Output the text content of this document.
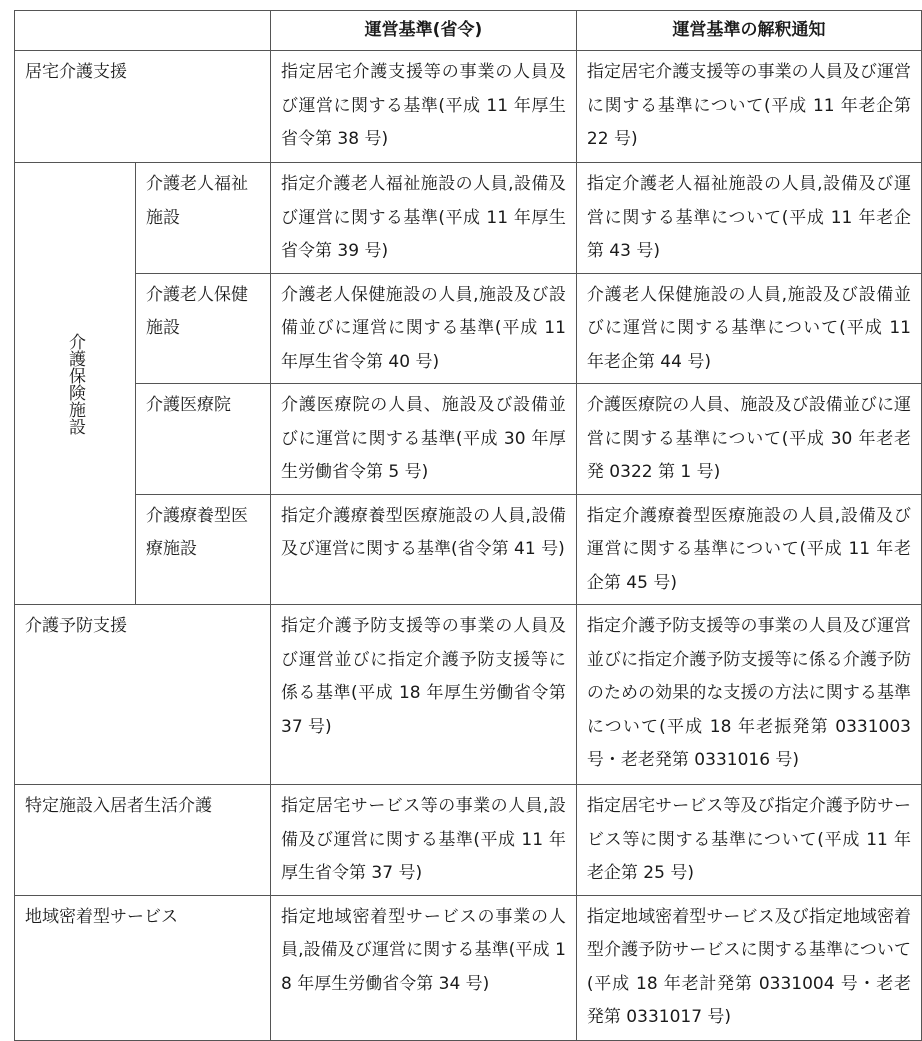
		運営基準(省令)	運営基準の解釈通知
居宅介護支援		指定居宅介護支援等の事業の人員及び運営に関する基準(平成 11 年厚生省令第 38 号)	指定居宅介護支援等の事業の人員及び運営に関する基準について(平成 11 年老企第 22 号)
介護保険施設	介護老人福祉施設	指定介護老人福祉施設の人員,設備及び運営に関する基準(平成 11 年厚生省令第 39 号)	指定介護老人福祉施設の人員,設備及び運営に関する基準について(平成 11 年老企第 43 号)
	介護老人保健施設	介護老人保健施設の人員,施設及び設備並びに運営に関する基準(平成 11 年厚生省令第 40 号)	介護老人保健施設の人員,施設及び設備並びに運営に関する基準について(平成 11 年老企第 44 号)
	介護医療院	介護医療院の人員、施設及び設備並びに運営に関する基準(平成 30 年厚生労働省令第 5 号)	介護医療院の人員、施設及び設備並びに運営に関する基準について(平成 30 年老老発 0322 第 1 号)
	介護療養型医療施設	指定介護療養型医療施設の人員,設備及び運営に関する基準(省令第 41 号)	指定介護療養型医療施設の人員,設備及び運営に関する基準について(平成 11 年老企第 45 号)
介護予防支援		指定介護予防支援等の事業の人員及び運営並びに指定介護予防支援等に係る基準(平成 18 年厚生労働省令第 37 号)	指定介護予防支援等の事業の人員及び運営並びに指定介護予防支援等に係る介護予防のための効果的な支援の方法に関する基準について(平成 18 年老振発第 0331003 号・老老発第 0331016 号)
特定施設入居者生活介護		指定居宅サービス等の事業の人員,設備及び運営に関する基準(平成 11 年厚生省令第 37 号)	指定居宅サービス等及び指定介護予防サービス等に関する基準について(平成 11 年老企第 25 号)
地域密着型サービス		指定地域密着型サービスの事業の人員,設備及び運営に関する基準(平成 18 年厚生労働省令第 34 号)	指定地域密着型サービス及び指定地域密着型介護予防サービスに関する基準について(平成 18 年老計発第 0331004 号・老老発第 0331017 号)
